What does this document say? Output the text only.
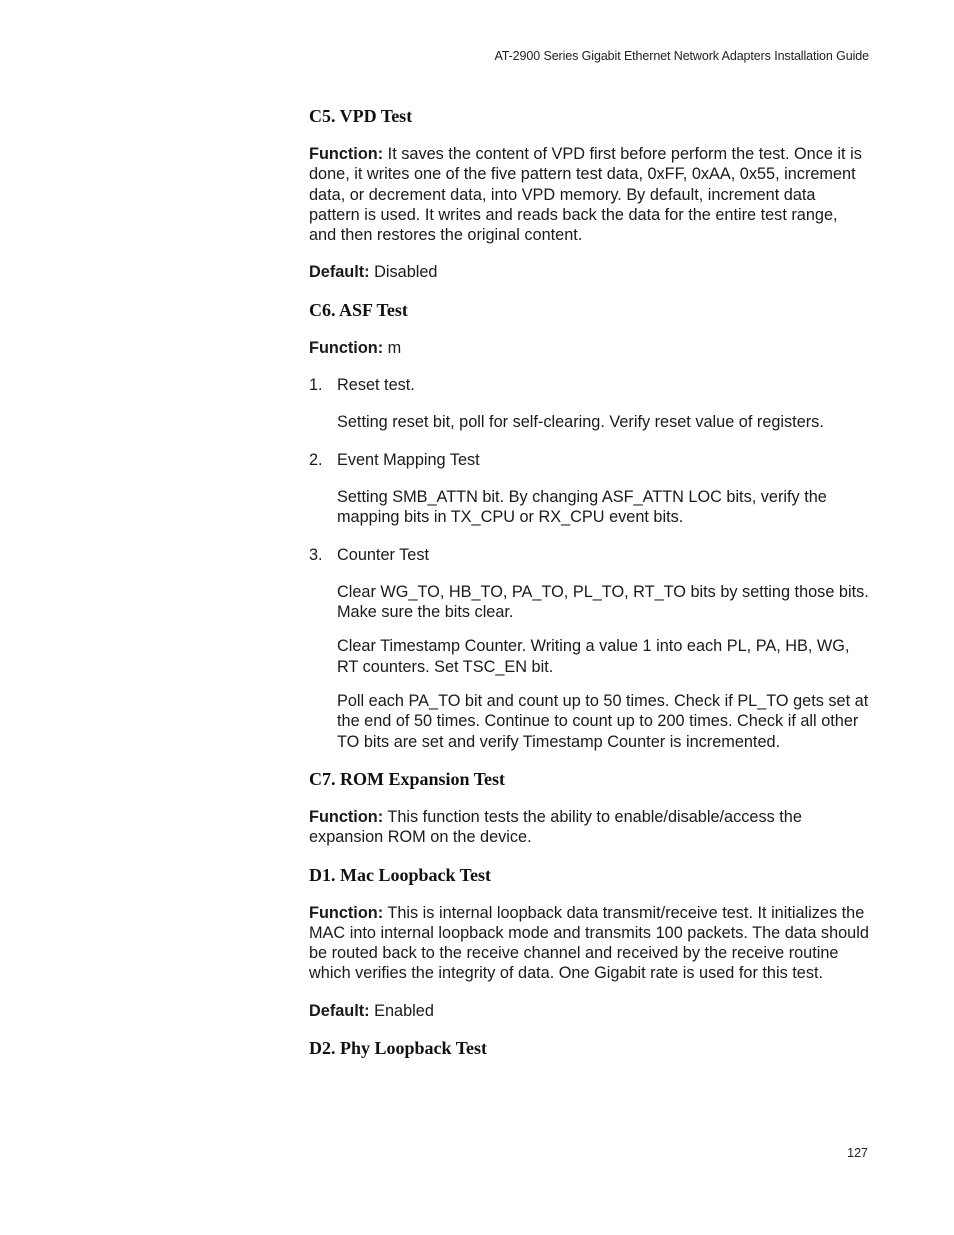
AT-2900 Series Gigabit Ethernet Network Adapters Installation Guide
C5. VPD Test

Function: It saves the content of VPD first before perform the test. Once it is done, it writes one of the five pattern test data, 0xFF, 0xAA, 0x55, increment data, or decrement data, into VPD memory. By default, increment data pattern is used. It writes and reads back the data for the entire test range, and then restores the original content.

Default: Disabled

C6. ASF Test

Function: m

1. Reset test.

Setting reset bit, poll for self-clearing. Verify reset value of registers.

2. Event Mapping Test

Setting SMB_ATTN bit. By changing ASF_ATTN LOC bits, verify the mapping bits in TX_CPU or RX_CPU event bits.

3. Counter Test

Clear WG_TO, HB_TO, PA_TO, PL_TO, RT_TO bits by setting those bits. Make sure the bits clear.

Clear Timestamp Counter. Writing a value 1 into each PL, PA, HB, WG, RT counters. Set TSC_EN bit.

Poll each PA_TO bit and count up to 50 times. Check if PL_TO gets set at the end of 50 times. Continue to count up to 200 times. Check if all other TO bits are set and verify Timestamp Counter is incremented.

C7. ROM Expansion Test

Function: This function tests the ability to enable/disable/access the expansion ROM on the device.

D1. Mac Loopback Test

Function: This is internal loopback data transmit/receive test. It initializes the MAC into internal loopback mode and transmits 100 packets. The data should be routed back to the receive channel and received by the receive routine which verifies the integrity of data. One Gigabit rate is used for this test.

Default: Enabled

D2. Phy Loopback Test
127
